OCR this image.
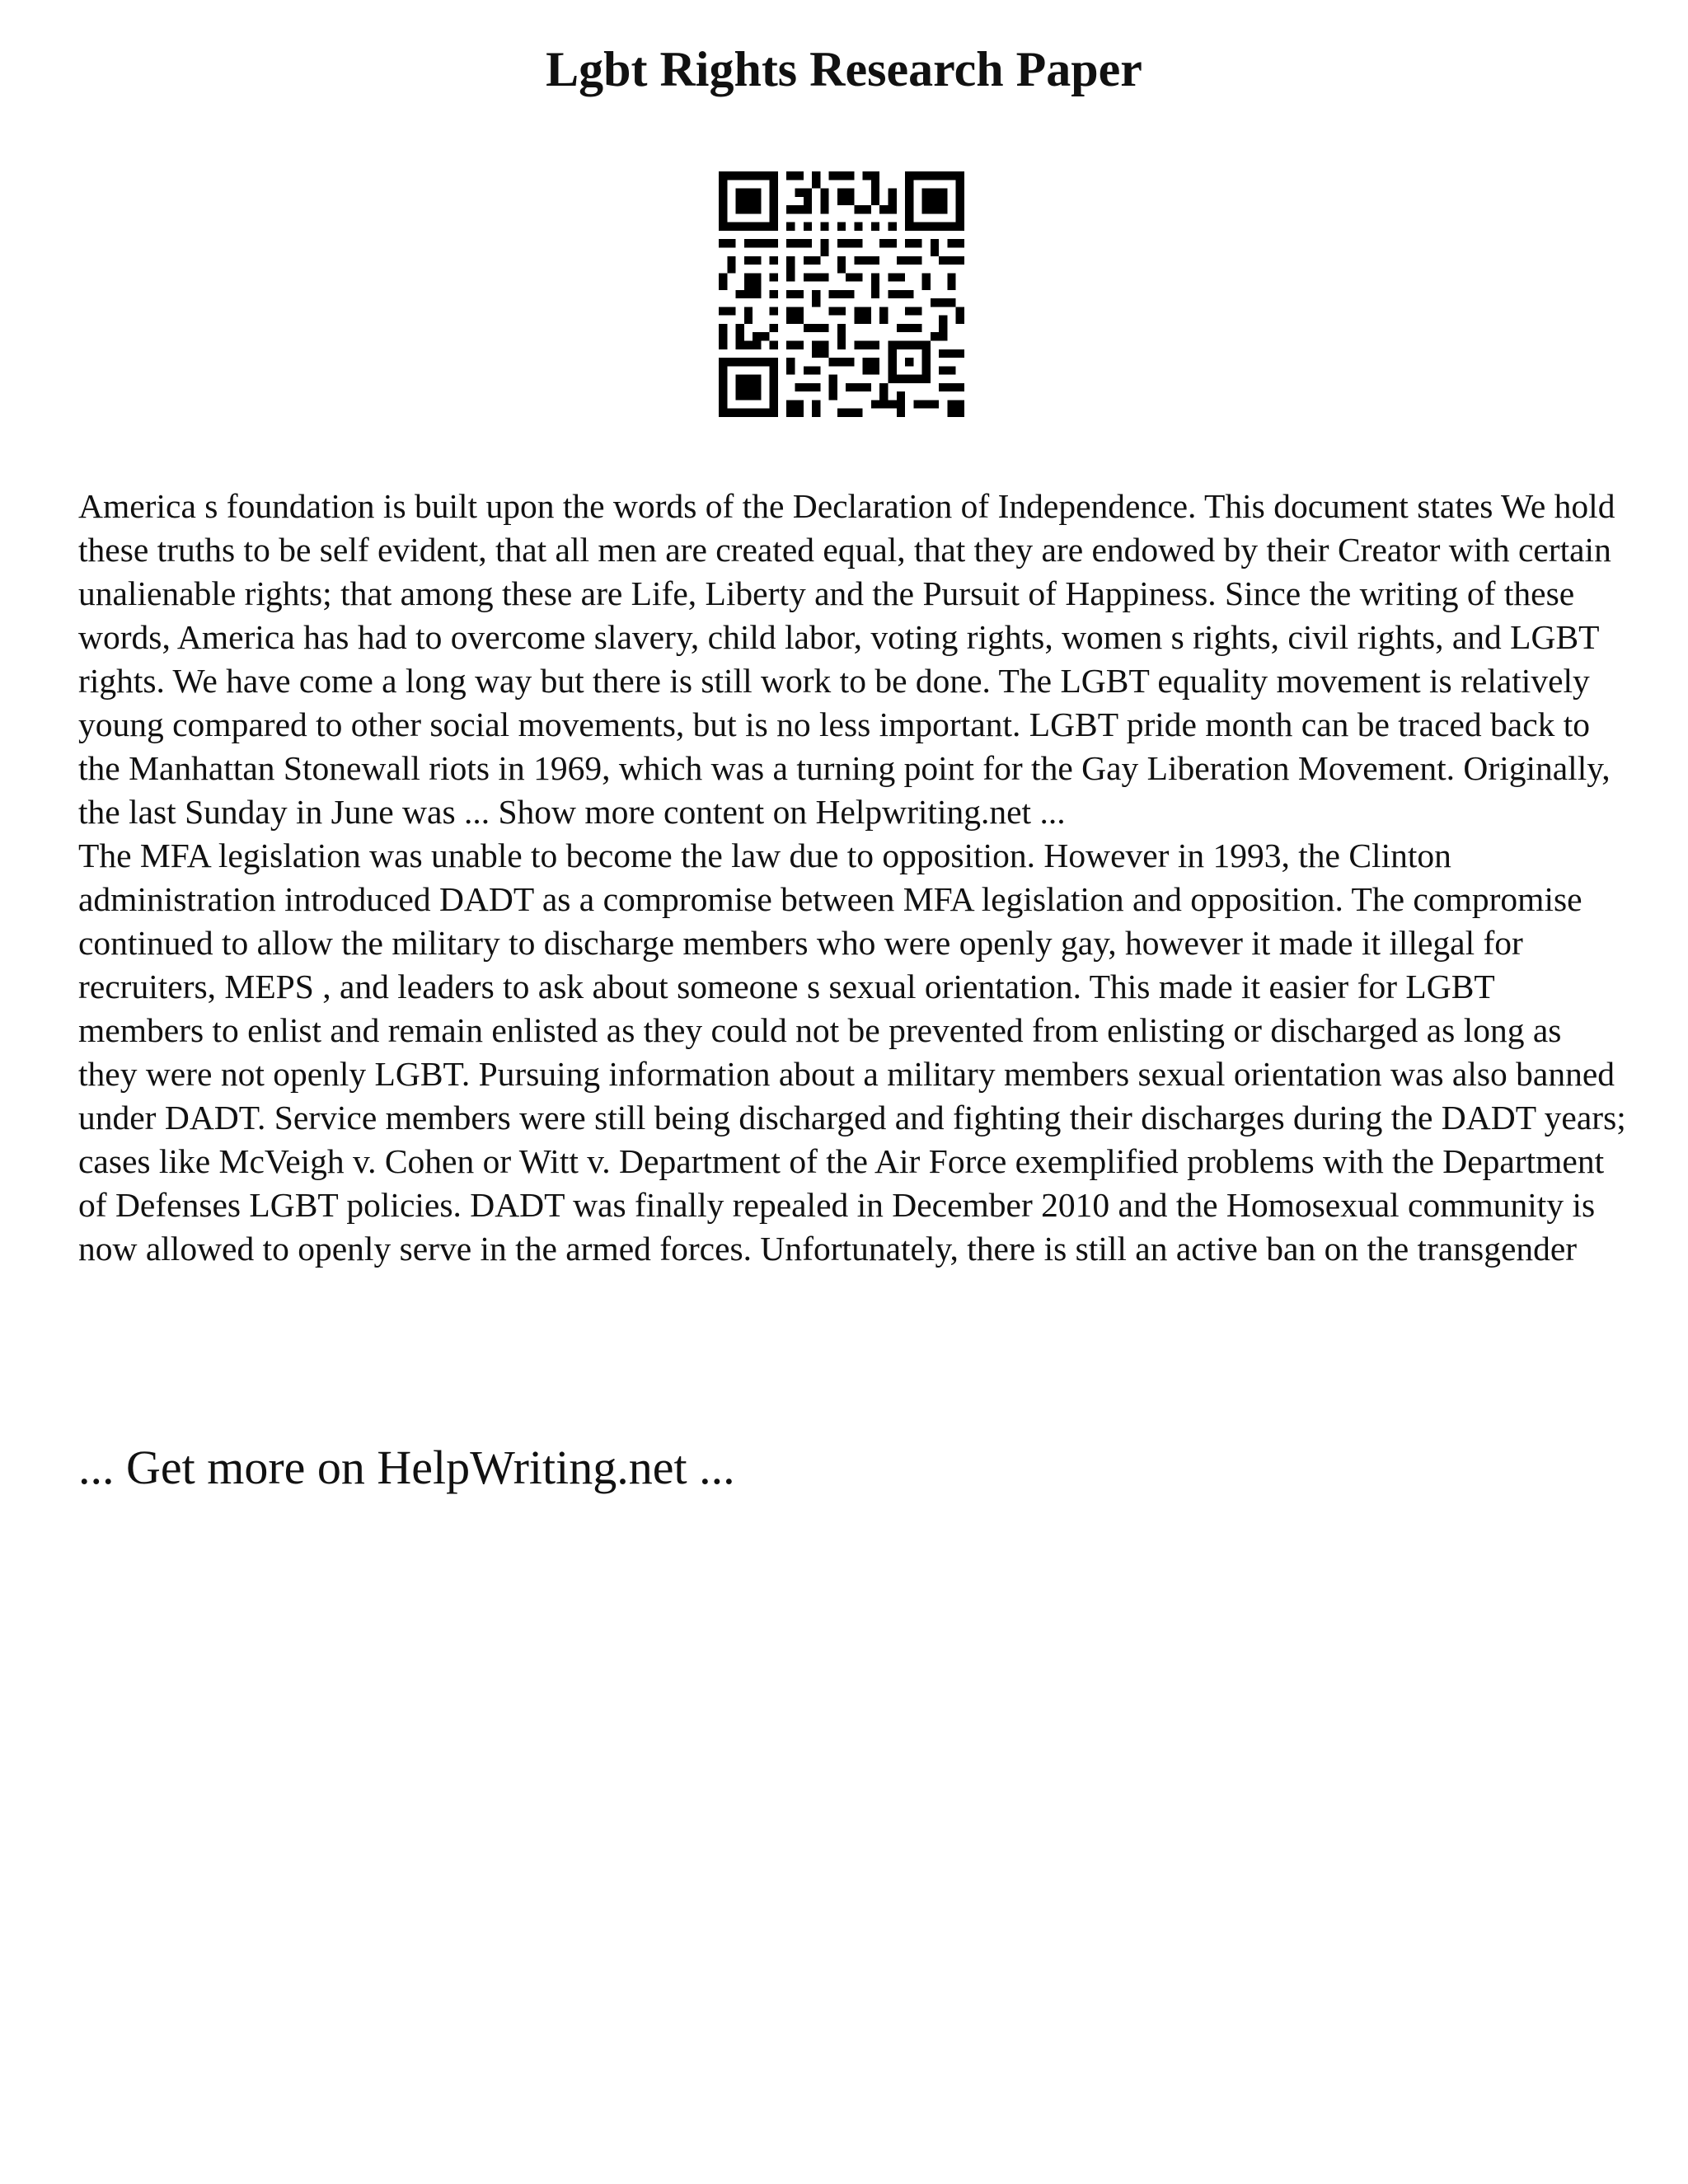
Lgbt Rights Research Paper

America s foundation is built upon the words of the Declaration of Independence. This document states We hold these truths to be self evident, that all men are created equal, that they are endowed by their Creator with certain unalienable rights; that among these are Life, Liberty and the Pursuit of Happiness. Since the writing of these words, America has had to overcome slavery, child labor, voting rights, women s rights, civil rights, and LGBT rights. We have come a long way but there is still work to be done. The LGBT equality movement is relatively young compared to other social movements, but is no less important. LGBT pride month can be traced back to the Manhattan Stonewall riots in 1969, which was a turning point for the Gay Liberation Movement. Originally, the last Sunday in June was ... Show more content on Helpwriting.net ...

The MFA legislation was unable to become the law due to opposition. However in 1993, the Clinton administration introduced DADT as a compromise between MFA legislation and opposition. The compromise continued to allow the military to discharge members who were openly gay, however it made it illegal for recruiters, MEPS , and leaders to ask about someone s sexual orientation. This made it easier for LGBT members to enlist and remain enlisted as they could not be prevented from enlisting or discharged as long as they were not openly LGBT. Pursuing information about a military members sexual orientation was also banned under DADT. Service members were still being discharged and fighting their discharges during the DADT years; cases like McVeigh v. Cohen or Witt v. Department of the Air Force exemplified problems with the Department of Defenses LGBT policies. DADT was finally repealed in December 2010 and the Homosexual community is now allowed to openly serve in the armed forces. Unfortunately, there is still an active ban on the transgender

... Get more on HelpWriting.net ...
